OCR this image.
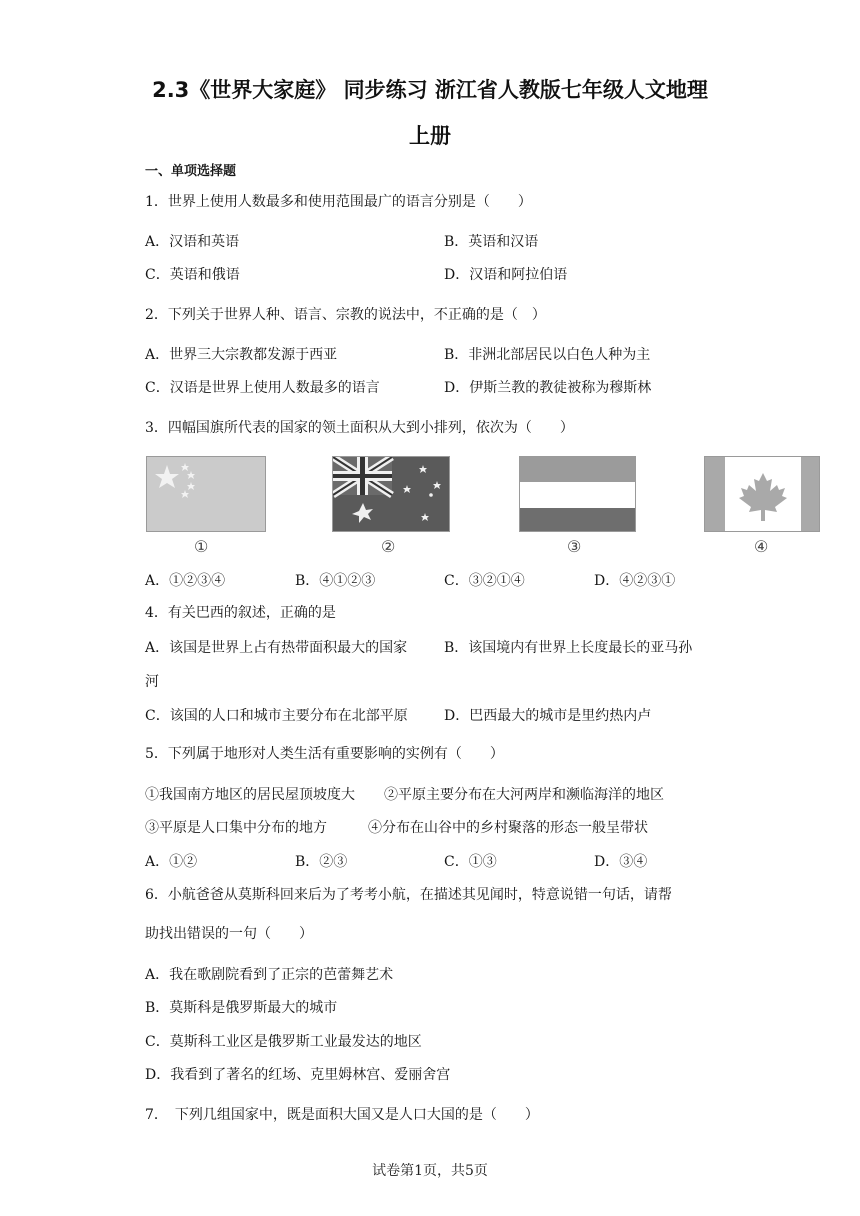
2.3《世界大家庭》 同步练习 浙江省人教版七年级人文地理
上册
一、单项选择题
1．世界上使用人数最多和使用范围最广的语言分别是（　　）
A．汉语和英语	B．英语和汉语
C．英语和俄语	D．汉语和阿拉伯语
2．下列关于世界人种、语言、宗教的说法中，不正确的是（　）
A．世界三大宗教都发源于西亚	B．非洲北部居民以白色人种为主
C．汉语是世界上使用人数最多的语言	D．伊斯兰教的教徒被称为穆斯林
3．四幅国旗所代表的国家的领土面积从大到小排列，依次为（　　）
①	②	③	④
A．①②③④	B．④①②③	C．③②①④	D．④②③①
4．有关巴西的叙述，正确的是
A．该国是世界上占有热带面积最大的国家	B．该国境内有世界上长度最长的亚马孙
河
C．该国的人口和城市主要分布在北部平原	D．巴西最大的城市是里约热内卢
5．下列属于地形对人类生活有重要影响的实例有（　　）
①我国南方地区的居民屋顶坡度大 ②平原主要分布在大河两岸和濒临海洋的地区
③平原是人口集中分布的地方	④分布在山谷中的乡村聚落的形态一般呈带状
A．①②	B．②③	C．①③	D．③④
6．小航爸爸从莫斯科回来后为了考考小航，在描述其见闻时，特意说错一句话，请帮
助找出错误的一句（　　）
A．我在歌剧院看到了正宗的芭蕾舞艺术
B．莫斯科是俄罗斯最大的城市
C．莫斯科工业区是俄罗斯工业最发达的地区
D．我看到了著名的红场、克里姆林宫、爱丽舍宫
7．　下列几组国家中，既是面积大国又是人口大国的是（　　）
试卷第1页，共5页
